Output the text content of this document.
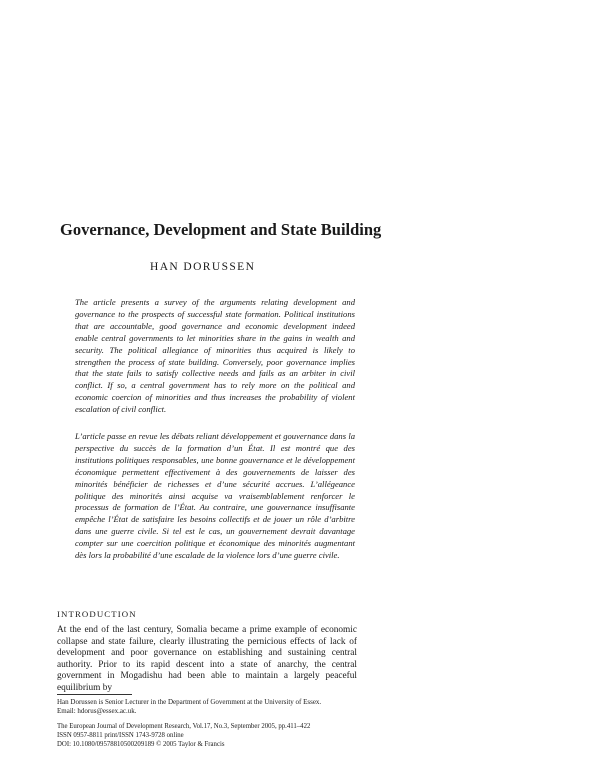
Governance, Development and State Building
HAN DORUSSEN

The article presents a survey of the arguments relating development and governance to the prospects of successful state formation. Political institutions that are accountable, good governance and economic development indeed enable central governments to let minorities share in the gains in wealth and security. The political allegiance of minorities thus acquired is likely to strengthen the process of state building. Conversely, poor governance implies that the state fails to satisfy collective needs and fails as an arbiter in civil conflict. If so, a central government has to rely more on the political and economic coercion of minorities and thus increases the probability of violent escalation of civil conflict.

L’article passe en revue les débats reliant développement et gouvernance dans la perspective du succès de la formation d’un État. Il est montré que des institutions politiques responsables, une bonne gouvernance et le développement économique permettent effectivement à des gouvernements de laisser des minorités bénéficier de richesses et d’une sécurité accrues. L’allégeance politique des minorités ainsi acquise va vraisemblablement renforcer le processus de formation de l’État. Au contraire, une gouvernance insuffisante empêche l’État de satisfaire les besoins collectifs et de jouer un rôle d’arbitre dans une guerre civile. Si tel est le cas, un gouvernement devrait davantage compter sur une coercition politique et économique des minorités augmentant dès lors la probabilité d’une escalade de la violence lors d’une guerre civile.

INTRODUCTION

At the end of the last century, Somalia became a prime example of economic collapse and state failure, clearly illustrating the pernicious effects of lack of development and poor governance on establishing and sustaining central authority. Prior to its rapid descent into a state of anarchy, the central government in Mogadishu had been able to maintain a largely peaceful equilibrium by

Han Dorussen is Senior Lecturer in the Department of Government at the University of Essex.
Email: hdorus@essex.ac.uk.
The European Journal of Development Research, Vol.17, No.3, September 2005, pp.411–422
ISSN 0957-8811 print/ISSN 1743-9728 online
DOI: 10.1080/09578810500209189 © 2005 Taylor & Francis
